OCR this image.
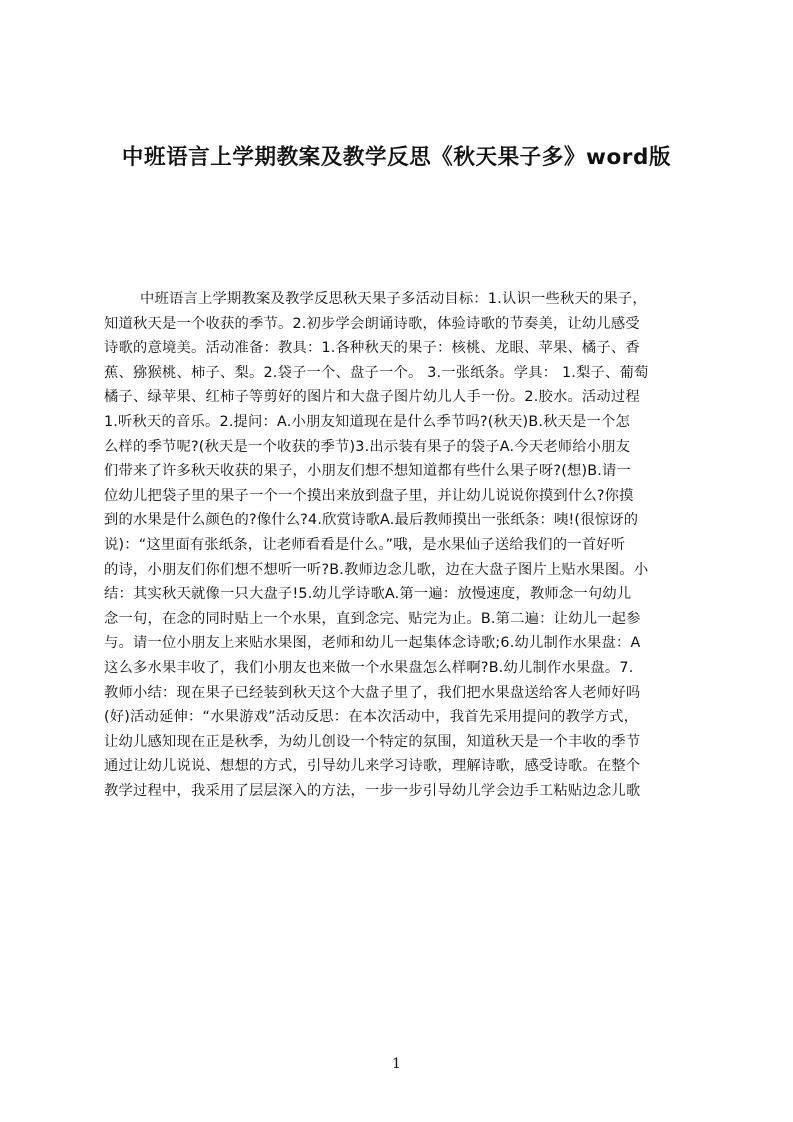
中班语言上学期教案及教学反思《秋天果子多》word版
中班语言上学期教案及教学反思秋天果子多活动目标：1.认识一些秋天的果子，
知道秋天是一个收获的季节。2.初步学会朗诵诗歌，体验诗歌的节奏美，让幼儿感受
诗歌的意境美。活动准备：教具：1.各种秋天的果子：核桃、龙眼、苹果、橘子、香
蕉、猕猴桃、柿子、梨。2.袋子一个、盘子一个。 3.一张纸条。学具： 1.梨子、葡萄
橘子、绿苹果、红柿子等剪好的图片和大盘子图片幼儿人手一份。2.胶水。活动过程
1.听秋天的音乐。2.提问：A.小朋友知道现在是什么季节吗?(秋天)B.秋天是一个怎
么样的季节呢?(秋天是一个收获的季节)3.出示装有果子的袋子A.今天老师给小朋友
们带来了许多秋天收获的果子，小朋友们想不想知道都有些什么果子呀?(想)B.请一
位幼儿把袋子里的果子一个一个摸出来放到盘子里，并让幼儿说说你摸到什么?你摸
到的水果是什么颜色的?像什么?4.欣赏诗歌A.最后教师摸出一张纸条：咦!(很惊讶的
说)：“这里面有张纸条，让老师看看是什么。”哦，是水果仙子送给我们的一首好听
的诗，小朋友们你们想不想听一听?B.教师边念儿歌，边在大盘子图片上贴水果图。小
结：其实秋天就像一只大盘子!5.幼儿学诗歌A.第一遍：放慢速度，教师念一句幼儿
念一句，在念的同时贴上一个水果，直到念完、贴完为止。B.第二遍：让幼儿一起参
与。请一位小朋友上来贴水果图，老师和幼儿一起集体念诗歌;6.幼儿制作水果盘：A
这么多水果丰收了，我们小朋友也来做一个水果盘怎么样啊?B.幼儿制作水果盘。7.
教师小结：现在果子已经装到秋天这个大盘子里了，我们把水果盘送给客人老师好吗
(好)活动延伸：“水果游戏”活动反思：在本次活动中，我首先采用提问的教学方式，
让幼儿感知现在正是秋季，为幼儿创设一个特定的氛围，知道秋天是一个丰收的季节
通过让幼儿说说、想想的方式，引导幼儿来学习诗歌，理解诗歌，感受诗歌。在整个
教学过程中，我采用了层层深入的方法，一步一步引导幼儿学会边手工粘贴边念儿歌
1
